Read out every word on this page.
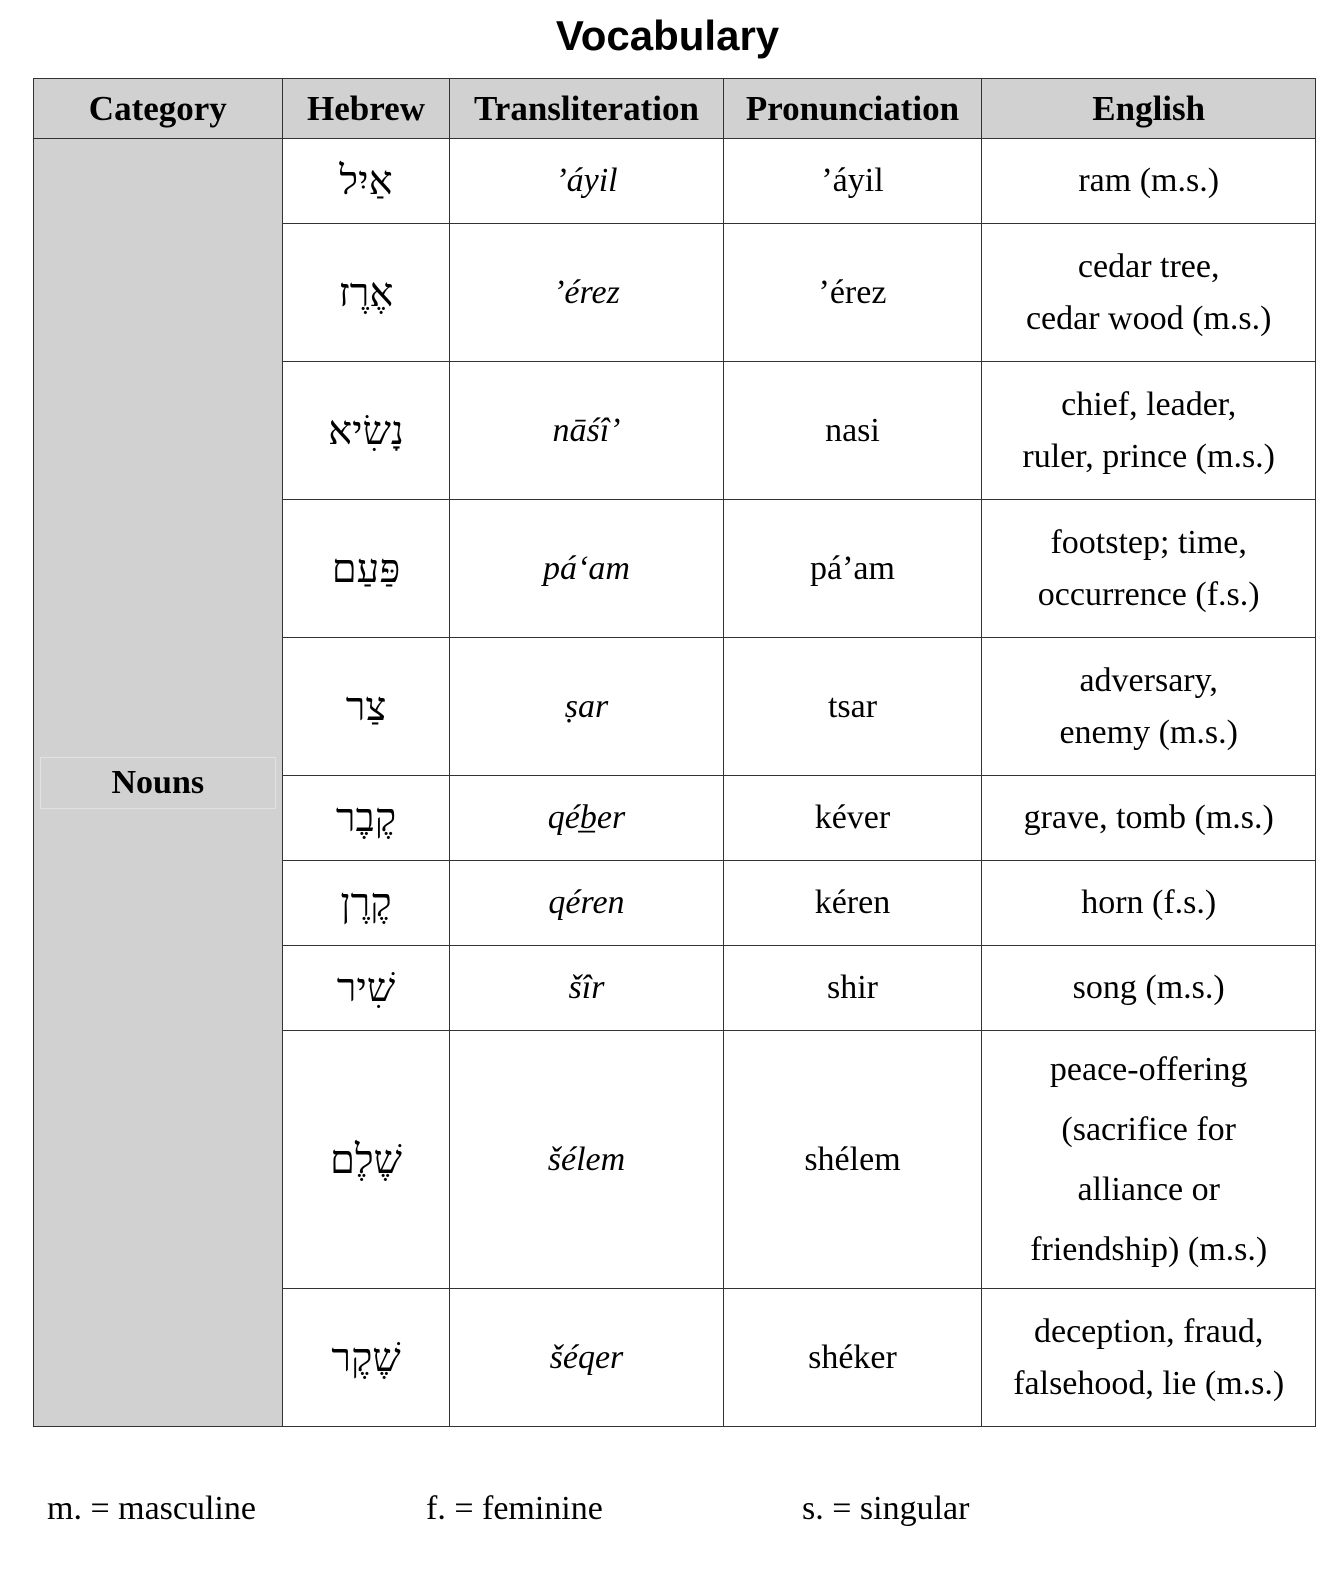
Vocabulary
Category	Hebrew	Transliteration	Pronunciation	English
Nouns	אַיִל	ʼáyil	ʼáyil	ram (m.s.)

	אֶרֶז	ʼérez	ʼérez	cedar tree,
cedar wood (m.s.)

	נָשִׂיא	nāśîʼ	nasi	chief, leader,
ruler, prince (m.s.)

	פַּעַם	páʻam	páʼam	footstep; time,
occurrence (f.s.)

	צַר	ṣar	tsar	adversary,
enemy (m.s.)

	קֶבֶר	qéb̲er	kéver	grave, tomb (m.s.)

	קֶרֶן	qéren	kéren	horn (f.s.)

	שִׁיר	šîr	shir	song (m.s.)

	שֶׁלֶם	šélem	shélem	peace-offering
(sacrifice for
alliance or
friendship) (m.s.)

	שֶׁקֶר	šéqer	shéker	deception, fraud,
falsehood, lie (m.s.)
m. = masculine	f. = feminine	s. = singular
